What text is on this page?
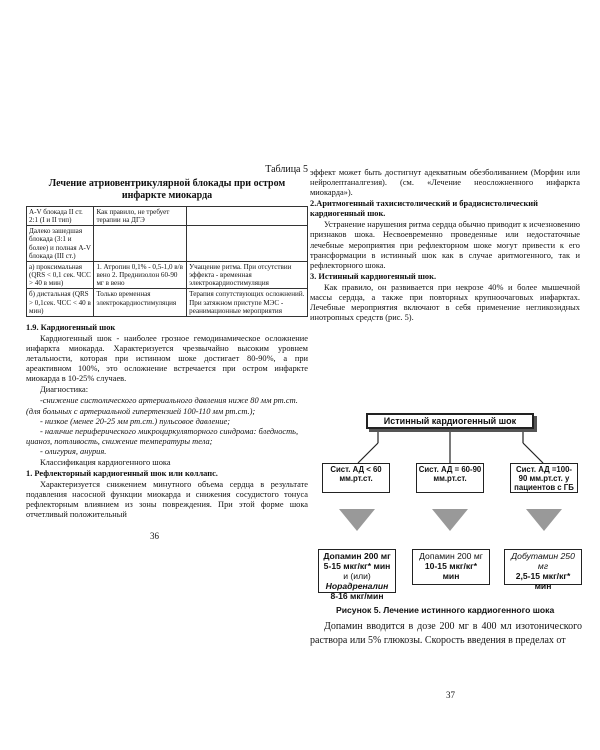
Таблица 5
Лечение атриовентрикулярной блокады при остром инфаркте миокарда
A-V блокада II ст. 2:1 (I и II тип)	Как правило, не требует терапии на ДГЭ	
Далеко зашедшая блокада (3:1 и более) и полная A-V блокада (III ст.)		
а) проксимальная (QRS < 0,1 сек. ЧСС > 40 в мин)	1. Атропин 0,1% - 0,5-1,0 в/в вено 2. Преднизолон 60-90 мг в вено	Учащение ритма. При отсутствии эффекта - временная электрокардиостимуляция
б) дистальная (QRS > 0,1сек. ЧСС < 40 в мин)	Только временная электрокардиостимуляция	Терапия сопутствующих осложнений. При затяжном приступе МЭС - реанимационные мероприятия
1.9. Кардиогенный шок
Кардиогенный шок - наиболее грозное гемодинамическое осложнение инфаркта миокарда. Характеризуется чрезвычайно высоким уровнем летальности, которая при истинном шоке достигает 80-90%, а при ареактивном 100%, это осложнение встречается при остром инфаркте миокарда в 10-25% случаев.
Диагностика:
-снижение систолического артериального давления ниже 80 мм рт.ст. (для больных с артериальной гипертензией 100-110 мм рт.ст.);
- низкое (менее 20-25 мм рт.ст.) пульсовое давление;
- наличие периферического микроциркуляторного синдрома: бледность, цианоз, потливость, снижение температуры тела;
- олигурия, анурия.
Классификация кардиогенного шока
1. Рефлекторный кардиогенный шок или коллапс.
Характеризуется снижением минутного объема сердца в результате подавления насосной функции миокарда и снижения сосудистого тонуса рефлекторным влиянием из зоны повреждения. При этой форме шока отчетливый положительный
36
эффект может быть достигнут адекватным обезболиванием (Морфин или нейролептаналгезия). (см. «Лечение неосложненного инфаркта миокарда»).
2.Аритмогенный тахисистолический и брадисистолический кардиогенный шок.
Устранение нарушения ритма сердца обычно приводит к исчезновению признаков шока. Несвоевременно проведенные или недостаточные лечебные мероприятия при рефлекторном шоке могут привести к его трансформации в истинный шок как в случае аритмогенного, так и рефлекторного шока.
3. Истинный кардиогенный шок.
Как правило, он развивается при некрозе 40% и более мышечной массы сердца, а также при повторных крупноочаговых инфарктах. Лечебные мероприятия включают в себя применение негликозидных инотропных средств (рис. 5).
Истинный кардиогенный шок
Сист. АД < 60 мм.рт.ст.
Сист. АД = 60-90 мм.рт.ст.
Сист. АД =100- 90 мм.рт.ст. у пациентов с ГБ
Допамин 200 мг
5-15 мкг/кг* мин
и (или)
Норадреналин
8-16 мкг/мин
Допамин 200 мг
10-15 мкг/кг*
мин
Добутамин 250 мг
2,5-15 мкг/кг*
мин
Рисунок 5. Лечение истинного кардиогенного шока
Допамин вводится в дозе 200 мг в 400 мл изотонического раствора или 5% глюкозы. Скорость введения в пределах от
37
